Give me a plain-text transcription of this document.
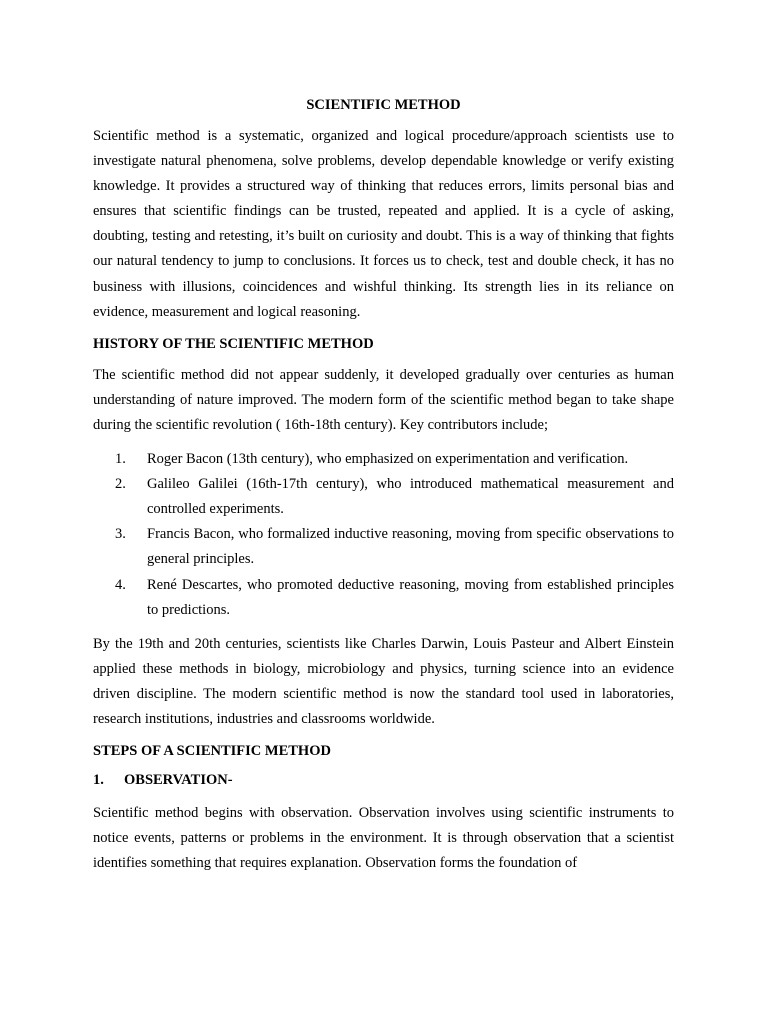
SCIENTIFIC METHOD

Scientific method is a systematic, organized and logical procedure/approach scientists use to investigate natural phenomena, solve problems, develop dependable knowledge or verify existing knowledge. It provides a structured way of thinking that reduces errors, limits personal bias and ensures that scientific findings can be trusted, repeated and applied. It is a cycle of asking, doubting, testing and retesting, it’s built on curiosity and doubt. This is a way of thinking that fights our natural tendency to jump to conclusions. It forces us to check, test and double check, it has no business with illusions, coincidences and wishful thinking. Its strength lies in its reliance on evidence, measurement and logical reasoning.

HISTORY OF THE SCIENTIFIC METHOD

The scientific method did not appear suddenly, it developed gradually over centuries as human understanding of nature improved. The modern form of the scientific method began to take shape during the scientific revolution ( 16th-18th century). Key contributors include;

1. Roger Bacon (13th century), who emphasized on experimentation and verification.
2. Galileo Galilei (16th-17th century), who introduced mathematical measurement and controlled experiments.
3. Francis Bacon, who formalized inductive reasoning, moving from specific observations to general principles.
4. René Descartes, who promoted deductive reasoning, moving from established principles to predictions.

By the 19th and 20th centuries, scientists like Charles Darwin, Louis Pasteur and Albert Einstein applied these methods in biology, microbiology and physics, turning science into an evidence driven discipline. The modern scientific method is now the standard tool used in laboratories, research institutions, industries and classrooms worldwide.

STEPS OF A SCIENTIFIC METHOD
1. OBSERVATION-

Scientific method begins with observation. Observation involves using scientific instruments to notice events, patterns or problems in the environment. It is through observation that a scientist identifies something that requires explanation. Observation forms the foundation of
